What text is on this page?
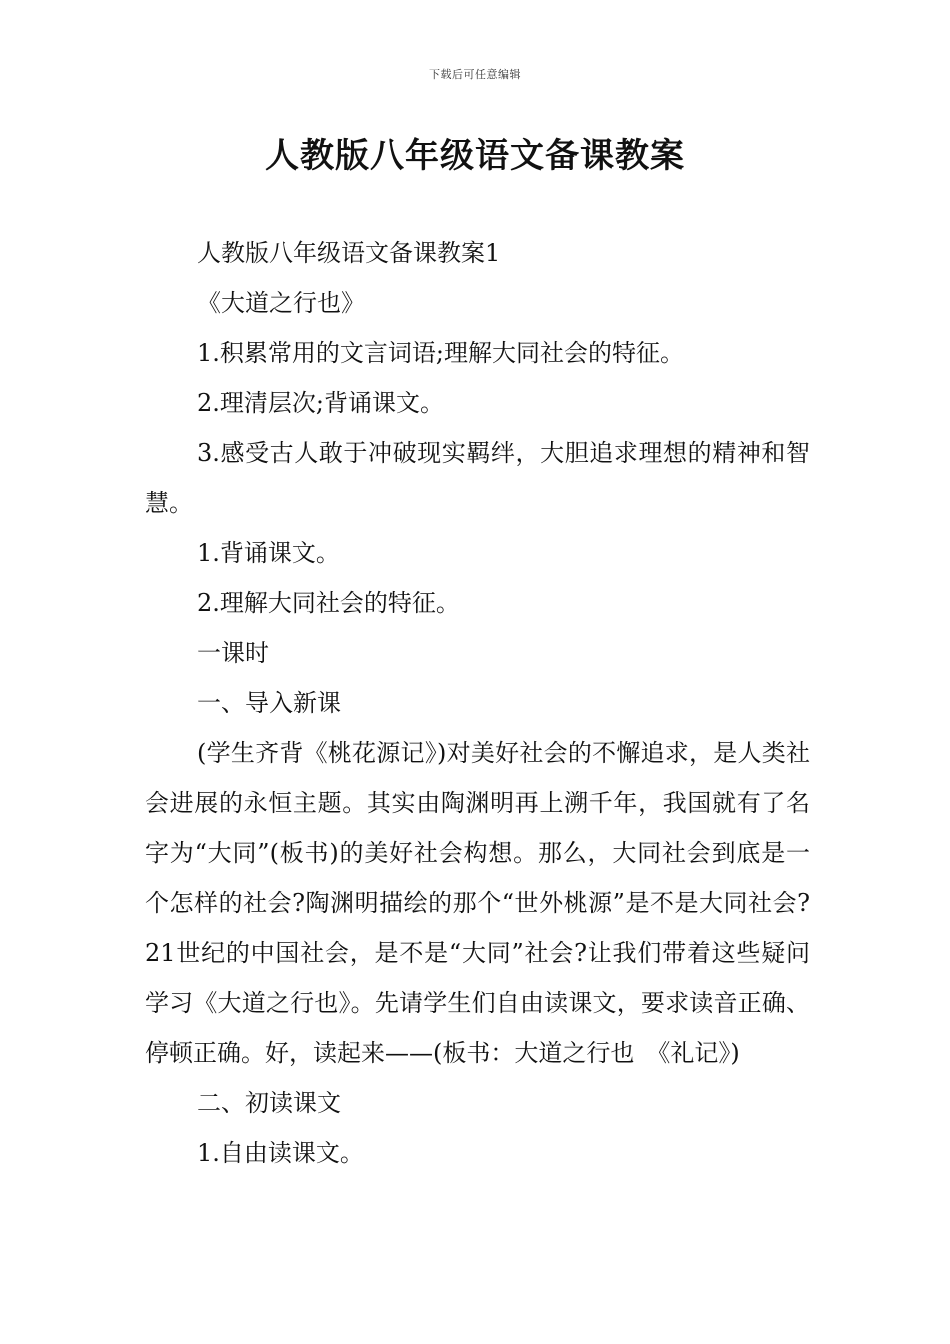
下载后可任意编辑
人教版八年级语文备课教案

人教版八年级语文备课教案1

《大道之行也》

1.积累常用的文言词语;理解大同社会的特征。

2.理清层次;背诵课文。

3.感受古人敢于冲破现实羁绊，大胆追求理想的精神和智慧。

1.背诵课文。

2.理解大同社会的特征。

一课时

一、导入新课

(学生齐背《桃花源记》)对美好社会的不懈追求，是人类社会进展的永恒主题。其实由陶渊明再上溯千年，我国就有了名字为“大同”(板书)的美好社会构想。那么，大同社会到底是一个怎样的社会?陶渊明描绘的那个“世外桃源”是不是大同社会?21世纪的中国社会，是不是“大同”社会?让我们带着这些疑问学习《大道之行也》。先请学生们自由读课文，要求读音正确、停顿正确。好，读起来——(板书：大道之行也　《礼记》)

二、初读课文

1.自由读课文。
